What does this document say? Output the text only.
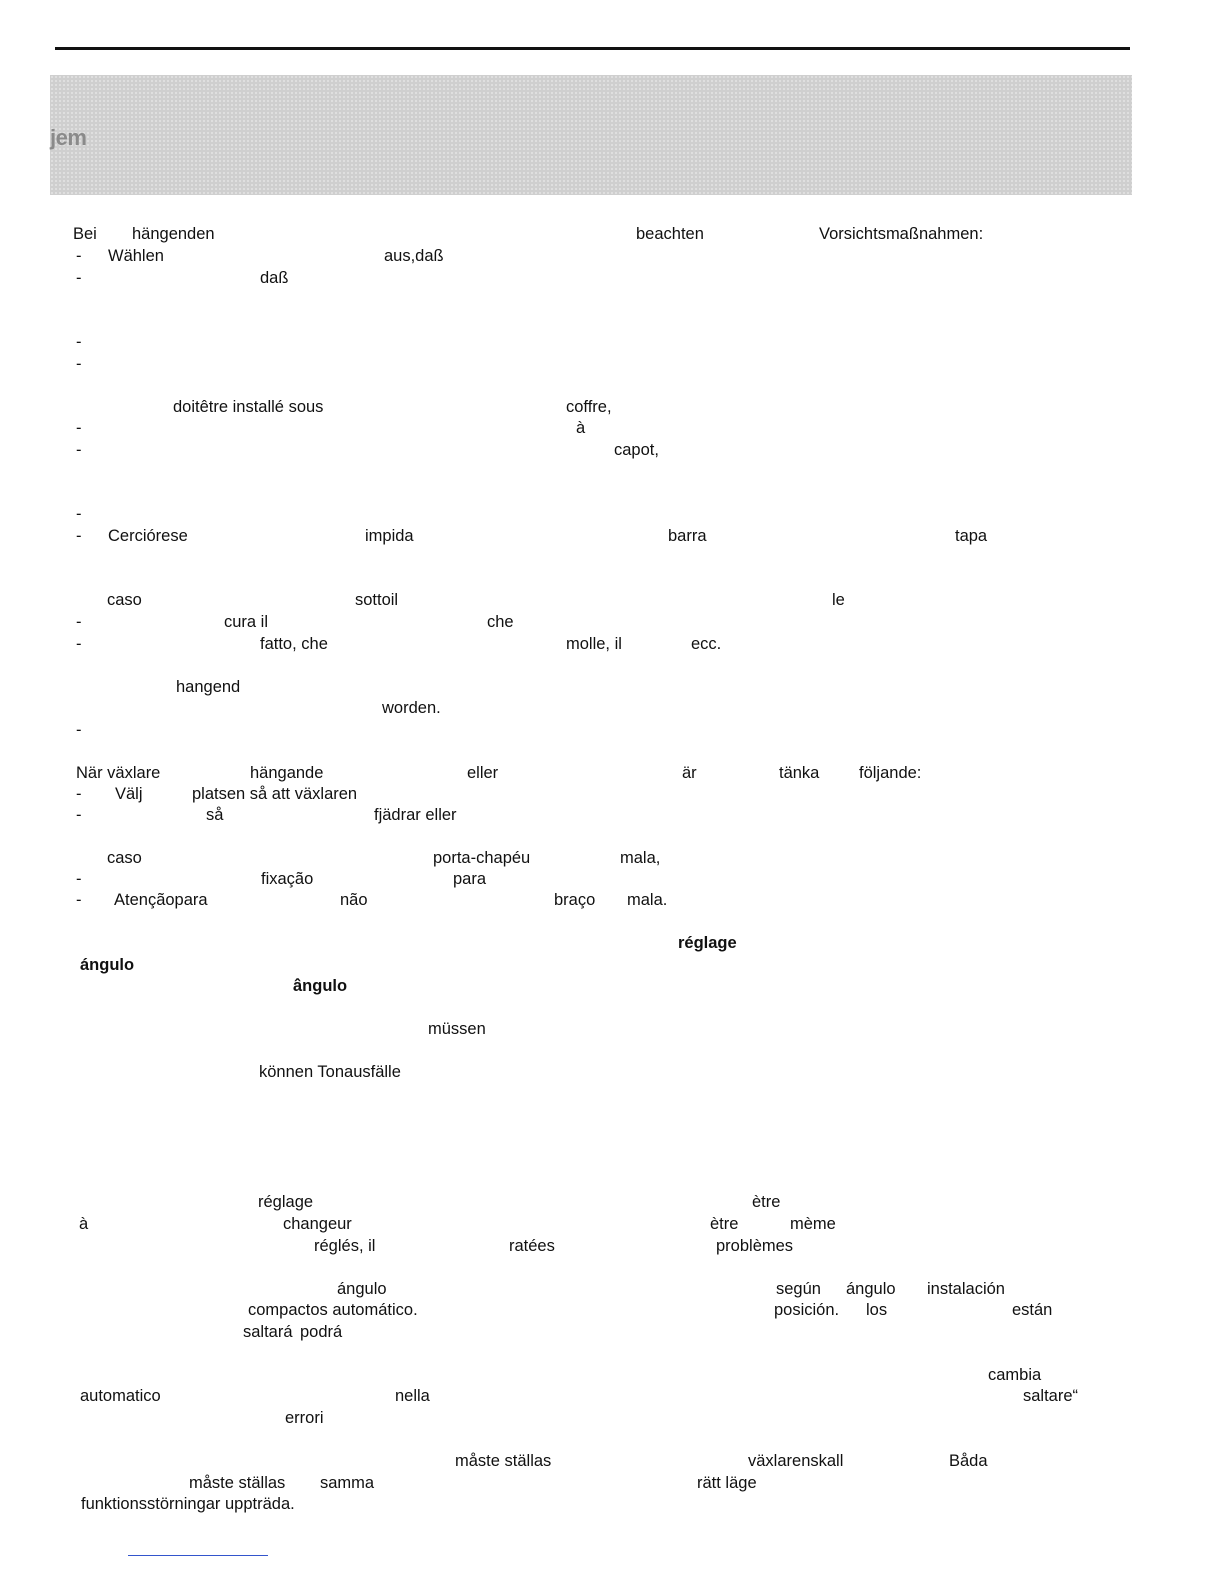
jem
Bei hängenden	beachten	Vorsichtsmaßnahmen:
- Wählen	aus,daß
-	daß
-
-
doitêtre installé sous	coffre,
-	à
-	capot,
-
- Cerciórese	impida	barra	tapa
caso	sottoil	le
-	cura il	che
-	fatto, che	molle, il	ecc.
hangend
worden.
-
När växlare	hängande	eller	är	tänka följande:
- Välj	platsen så att växlaren
-	så	fjädrar eller
caso	porta-chapéu	mala,
-	fixação	para
- Atençãopara	não	braço mala.
réglage
ángulo
ângulo
müssen
können Tonausfälle
réglage	ètre
à	changeur	ètre	mème
réglés, il	ratées	problèmes
ángulo	según ángulo instalación
compactos automático.	posición. los	están
saltará podrá
cambia
automatico	nella	saltare“
errori
måste ställas	växlarenskall	Båda
måste ställas samma	rätt läge
funktionsstörningar uppträda.
